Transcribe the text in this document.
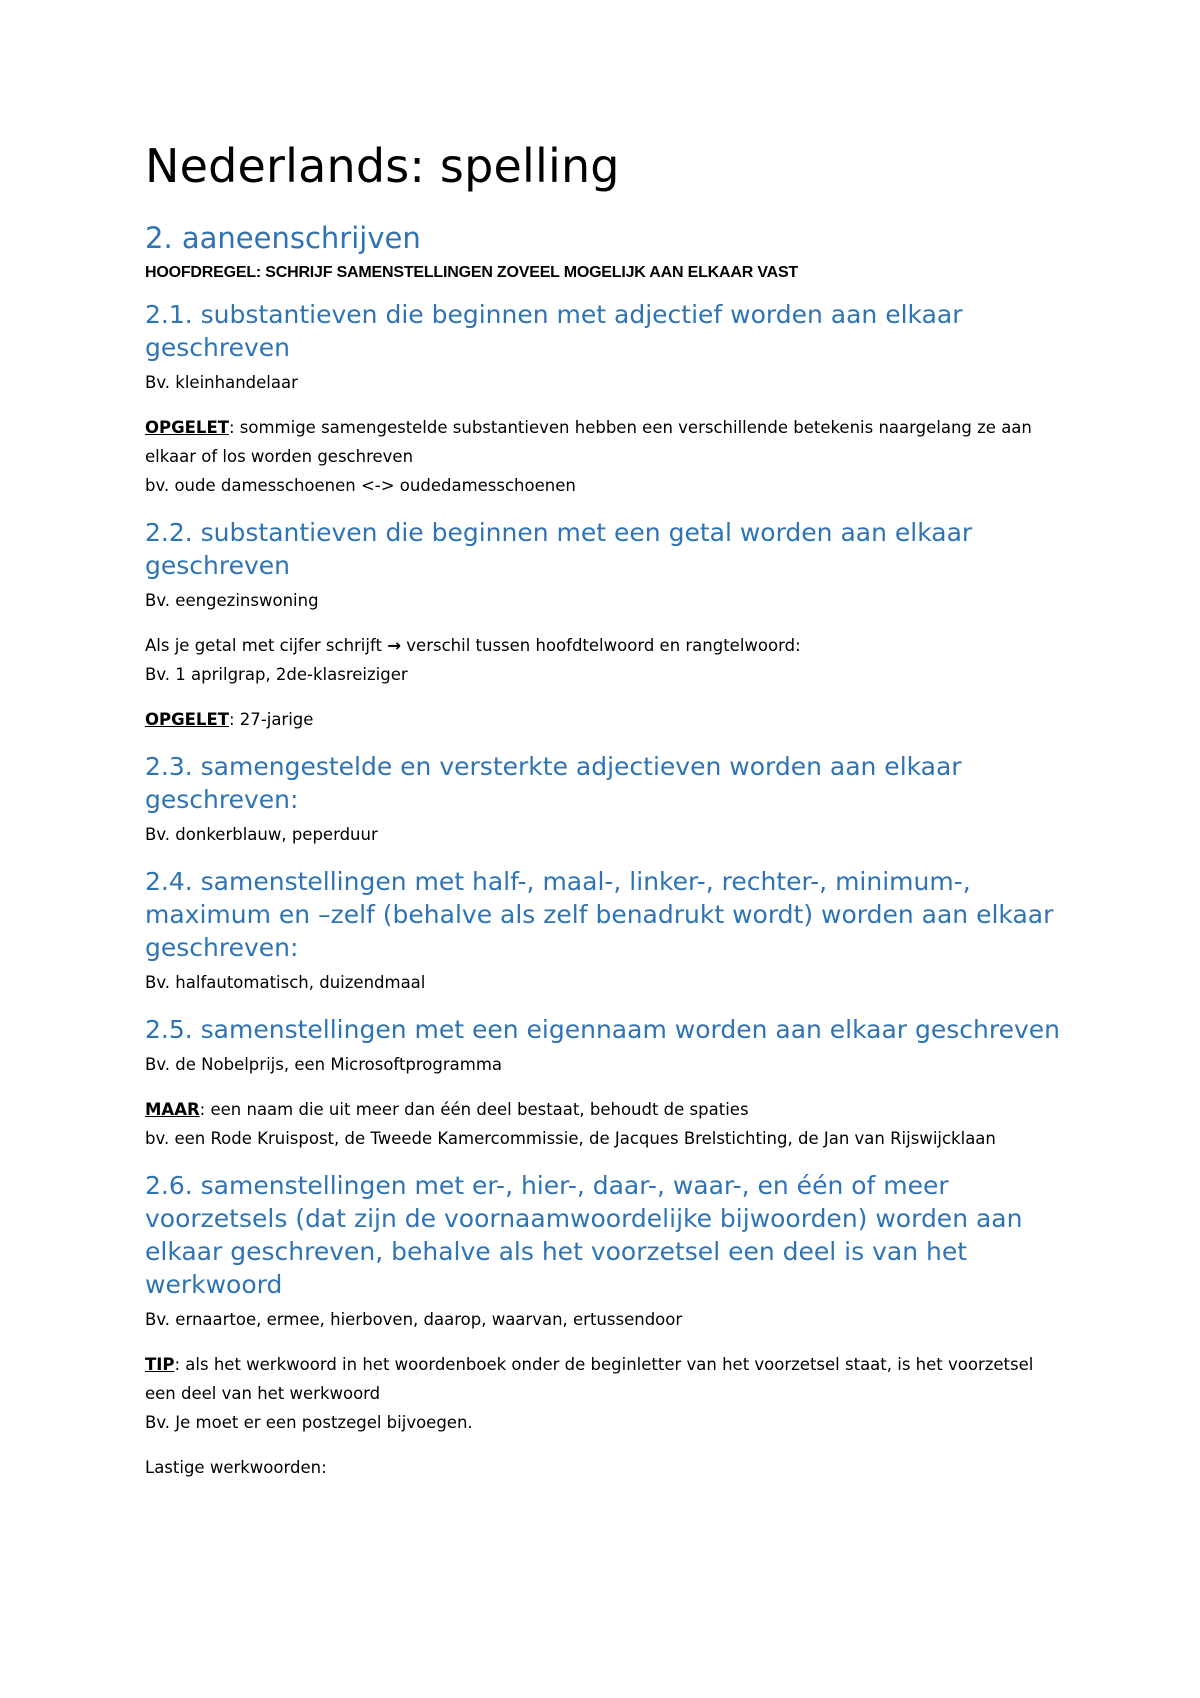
Nederlands: spelling
2. aaneenschrijven
HOOFDREGEL: SCHRIJF SAMENSTELLINGEN ZOVEEL MOGELIJK AAN ELKAAR VAST
2.1. substantieven die beginnen met adjectief worden aan elkaar geschreven

Bv. kleinhandelaar

OPGELET: sommige samengestelde substantieven hebben een verschillende betekenis naargelang ze aan elkaar of los worden geschreven

bv. oude damesschoenen <-> oudedamesschoenen

2.2. substantieven die beginnen met een getal worden aan elkaar geschreven

Bv. eengezinswoning

Als je getal met cijfer schrijft → verschil tussen hoofdtelwoord en rangtelwoord:

Bv. 1 aprilgrap, 2de-klasreiziger

OPGELET: 27-jarige

2.3. samengestelde en versterkte adjectieven worden aan elkaar geschreven:

Bv. donkerblauw, peperduur

2.4. samenstellingen met half-, maal-, linker-, rechter-, minimum-, maximum en –zelf (behalve als zelf benadrukt wordt) worden aan elkaar geschreven:

Bv. halfautomatisch, duizendmaal

2.5. samenstellingen met een eigennaam worden aan elkaar geschreven

Bv. de Nobelprijs, een Microsoftprogramma

MAAR: een naam die uit meer dan één deel bestaat, behoudt de spaties

bv. een Rode Kruispost, de Tweede Kamercommissie, de Jacques Brelstichting, de Jan van Rijswijcklaan

2.6. samenstellingen met er-, hier-, daar-, waar-, en één of meer voorzetsels (dat zijn de voornaamwoordelijke bijwoorden) worden aan elkaar geschreven, behalve als het voorzetsel een deel is van het werkwoord

Bv. ernaartoe, ermee, hierboven, daarop, waarvan, ertussendoor

TIP: als het werkwoord in het woordenboek onder de beginletter van het voorzetsel staat, is het voorzetsel een deel van het werkwoord

Bv. Je moet er een postzegel bijvoegen.

Lastige werkwoorden:
